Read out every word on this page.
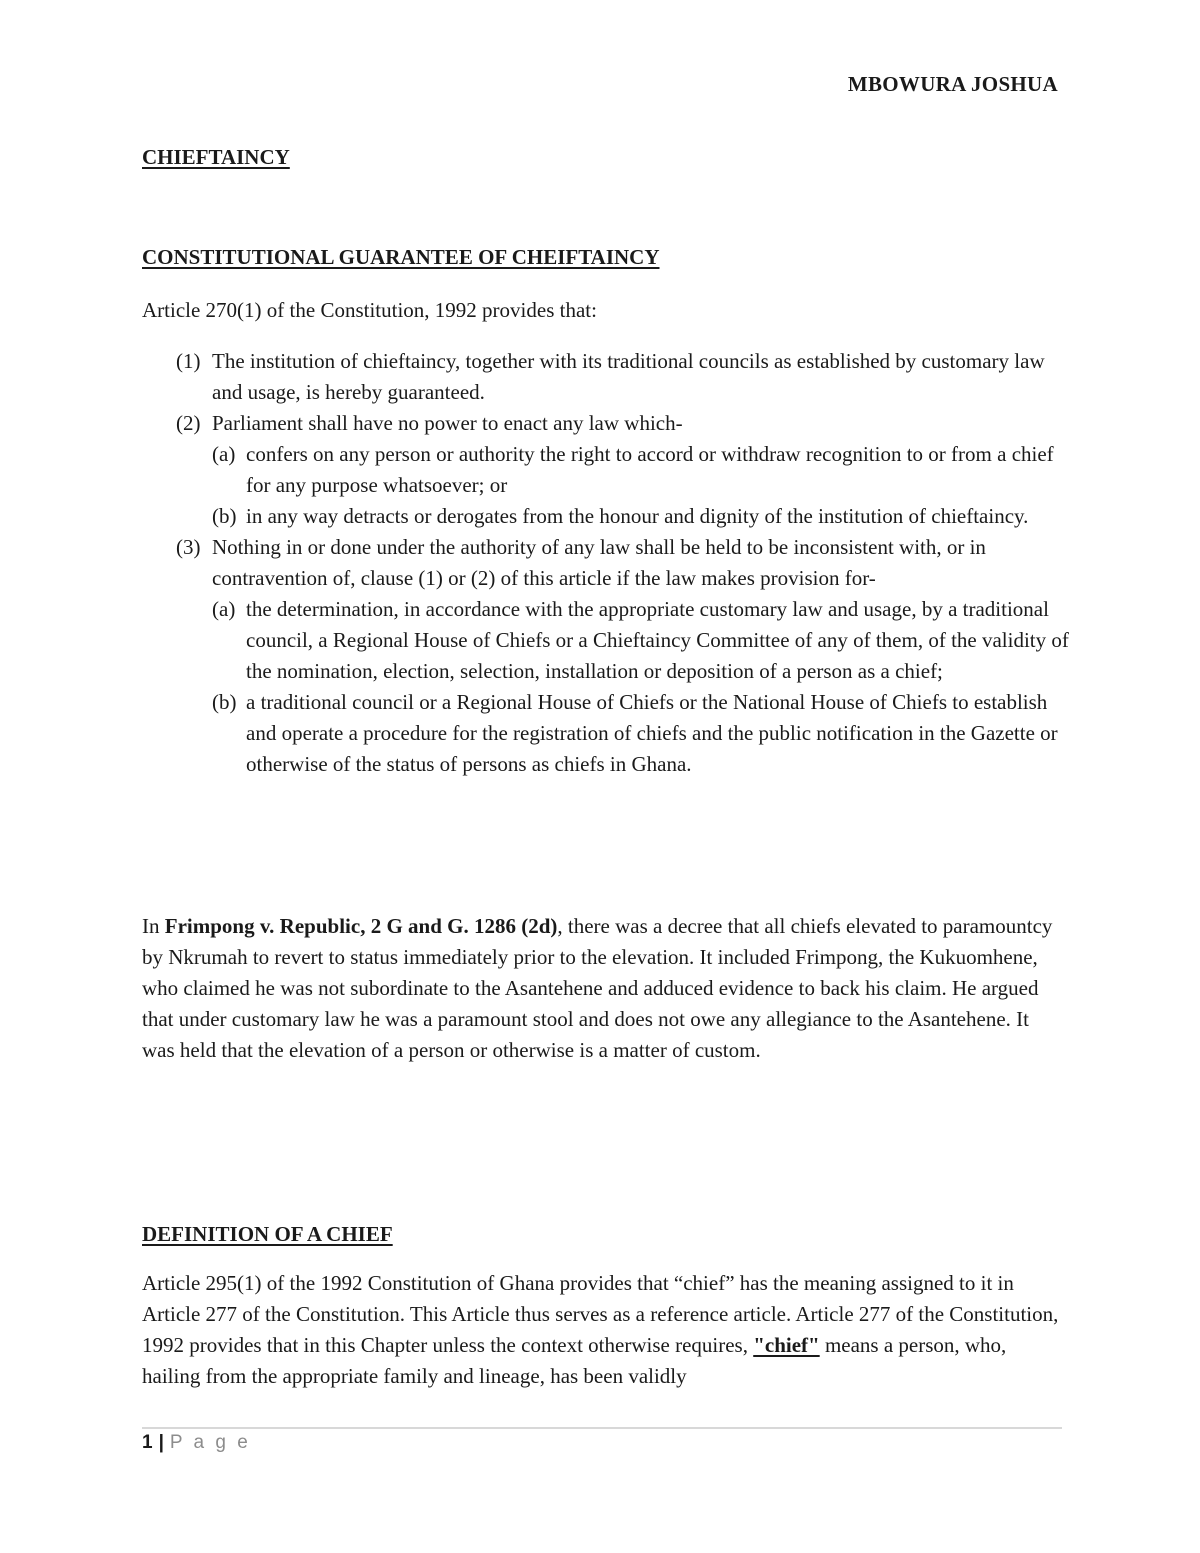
MBOWURA JOSHUA
CHIEFTAINCY
CONSTITUTIONAL GUARANTEE OF CHEIFTAINCY
Article 270(1) of the Constitution, 1992 provides that:
(1) The institution of chieftaincy, together with its traditional councils as established by customary law and usage, is hereby guaranteed.
(2) Parliament shall have no power to enact any law which-
(a) confers on any person or authority the right to accord or withdraw recognition to or from a chief for any purpose whatsoever; or
(b) in any way detracts or derogates from the honour and dignity of the institution of chieftaincy.
(3) Nothing in or done under the authority of any law shall be held to be inconsistent with, or in contravention of, clause (1) or (2) of this article if the law makes provision for-
(a) the determination, in accordance with the appropriate customary law and usage, by a traditional council, a Regional House of Chiefs or a Chieftaincy Committee of any of them, of the validity of the nomination, election, selection, installation or deposition of a person as a chief;
(b) a traditional council or a Regional House of Chiefs or the National House of Chiefs to establish and operate a procedure for the registration of chiefs and the public notification in the Gazette or otherwise of the status of persons as chiefs in Ghana.
In Frimpong v. Republic, 2 G and G. 1286 (2d), there was a decree that all chiefs elevated to paramountcy by Nkrumah to revert to status immediately prior to the elevation. It included Frimpong, the Kukuomhene, who claimed he was not subordinate to the Asantehene and adduced evidence to back his claim. He argued that under customary law he was a paramount stool and does not owe any allegiance to the Asantehene. It was held that the elevation of a person or otherwise is a matter of custom.
DEFINITION OF A CHIEF
Article 295(1) of the 1992 Constitution of Ghana provides that “chief” has the meaning assigned to it in Article 277 of the Constitution. This Article thus serves as a reference article. Article 277 of the Constitution, 1992 provides that in this Chapter unless the context otherwise requires, "chief" means a person, who, hailing from the appropriate family and lineage, has been validly
1 | P a g e
